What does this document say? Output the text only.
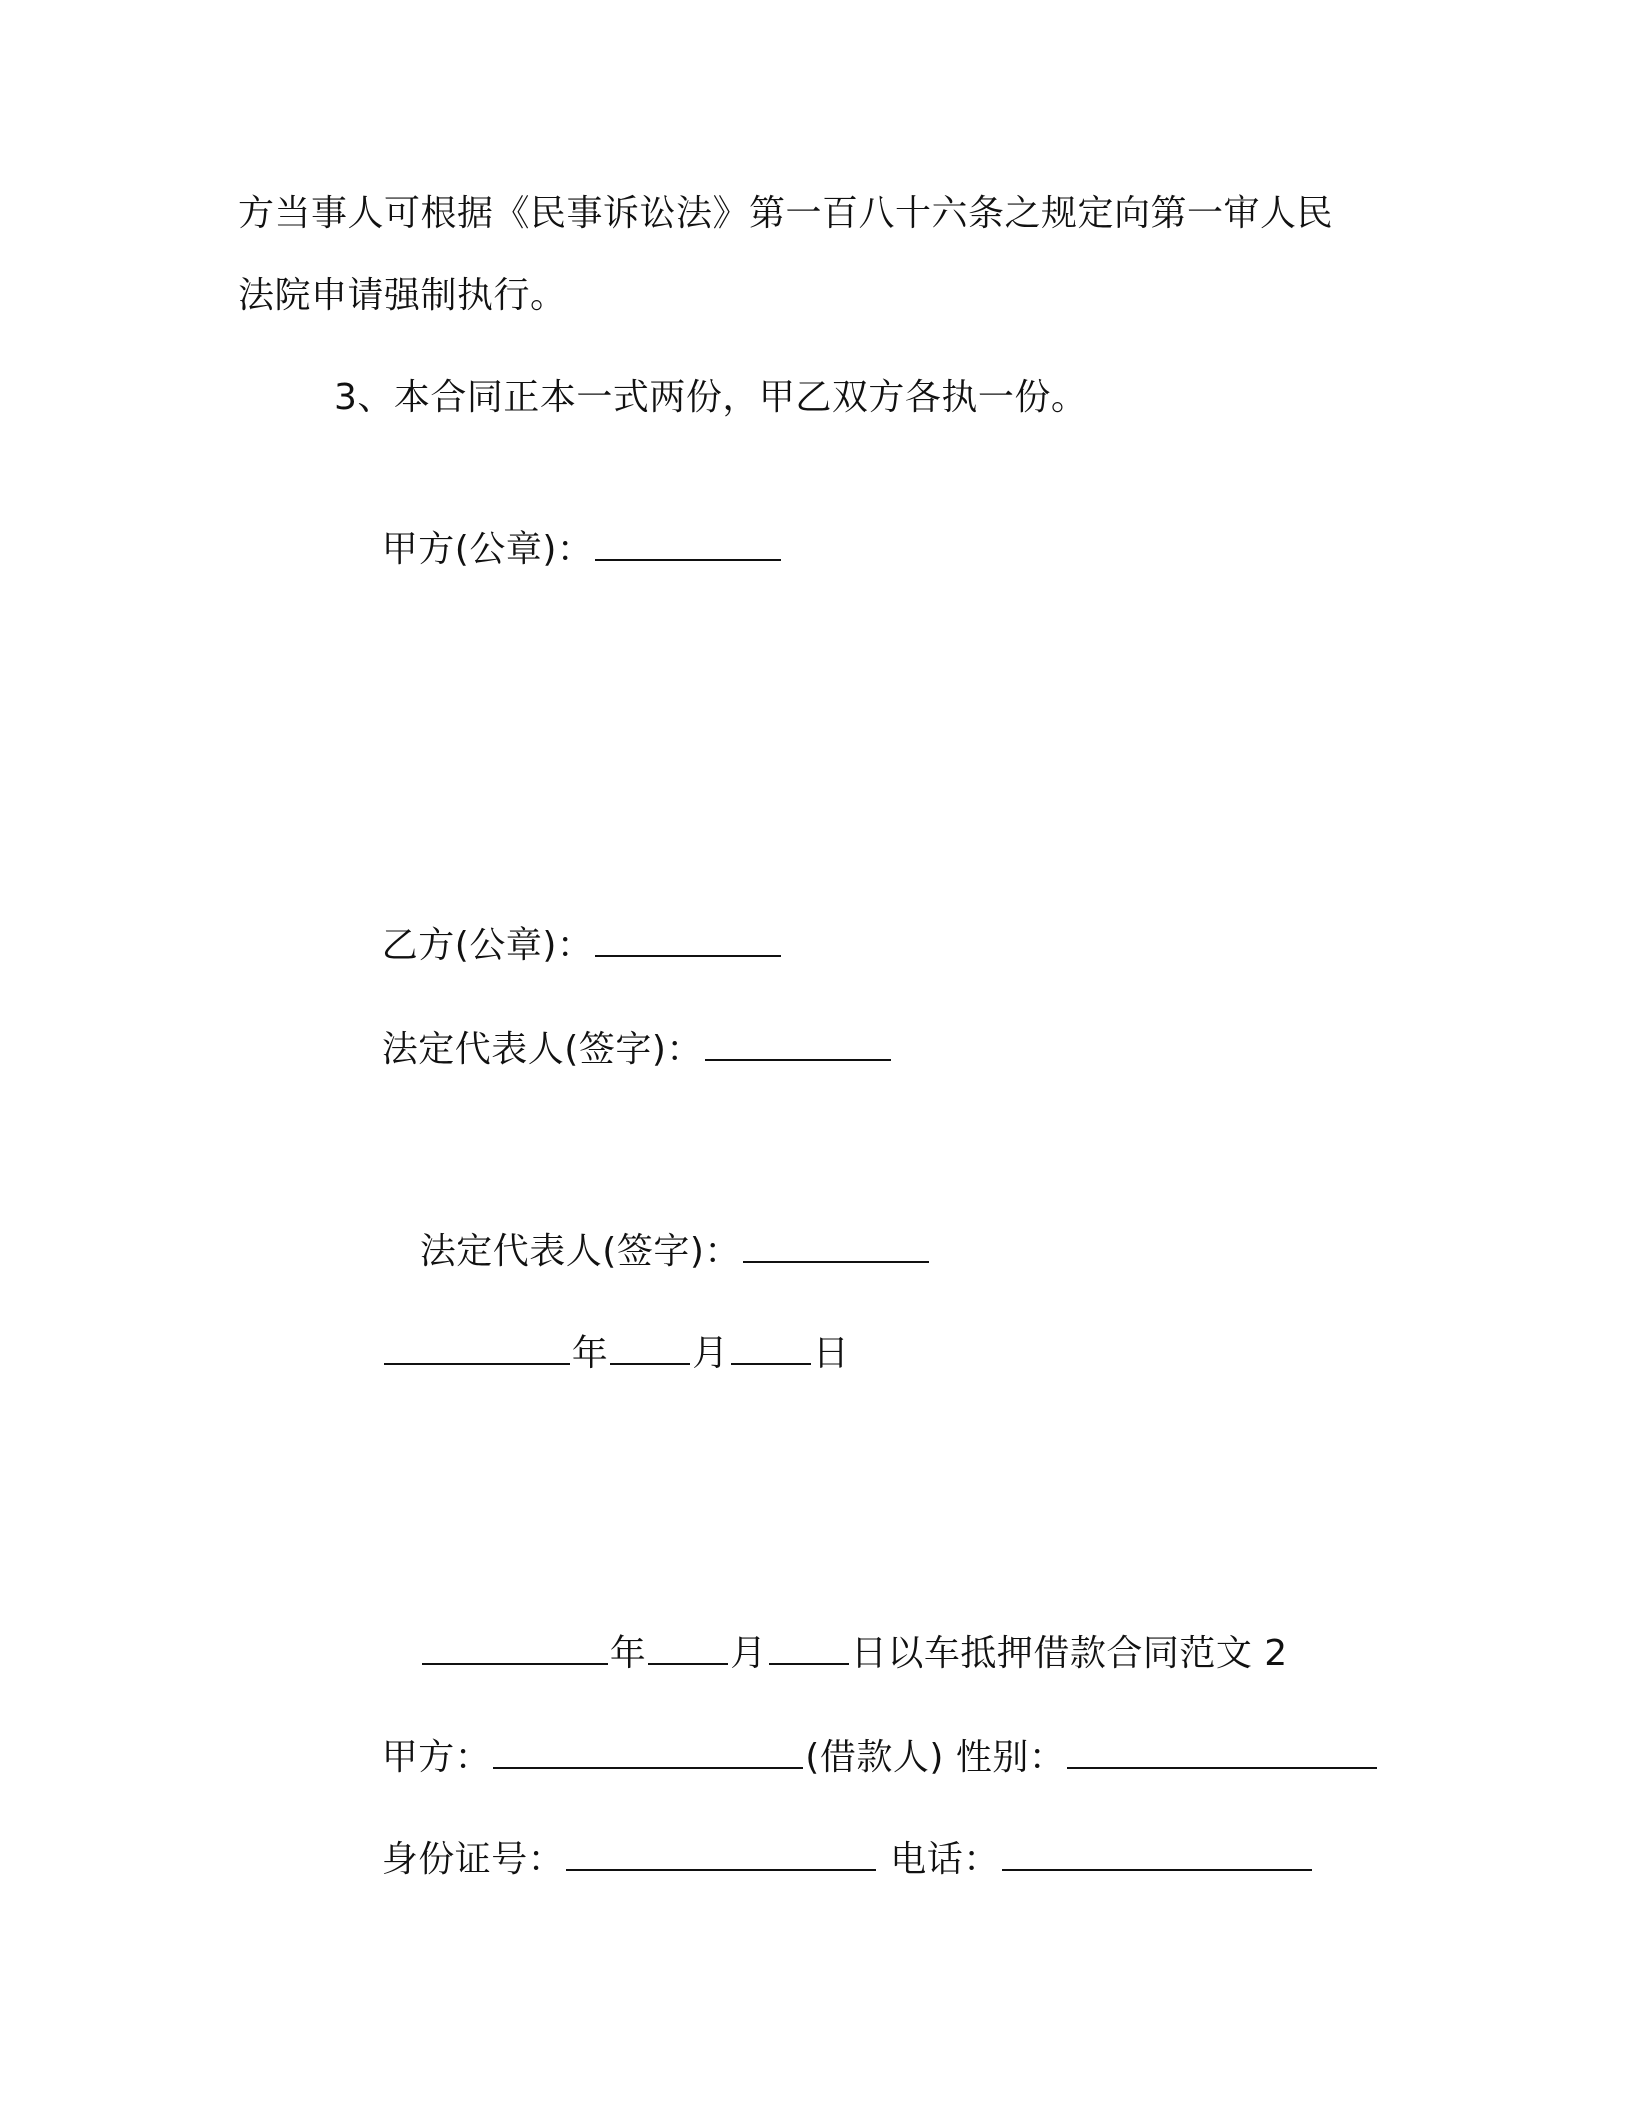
方当事人可根据《民事诉讼法》第一百八十六条之规定向第一审人民
法院申请强制执行。
3、本合同正本一式两份，甲乙双方各执一份。

甲方(公章)：

乙方(公章)：

法定代表人(签字)：

法定代表人(签字)：

年 月 日

年 月 日以车抵押借款合同范文 2

甲方：	(借款人) 性别：

身份证号：	电话：
